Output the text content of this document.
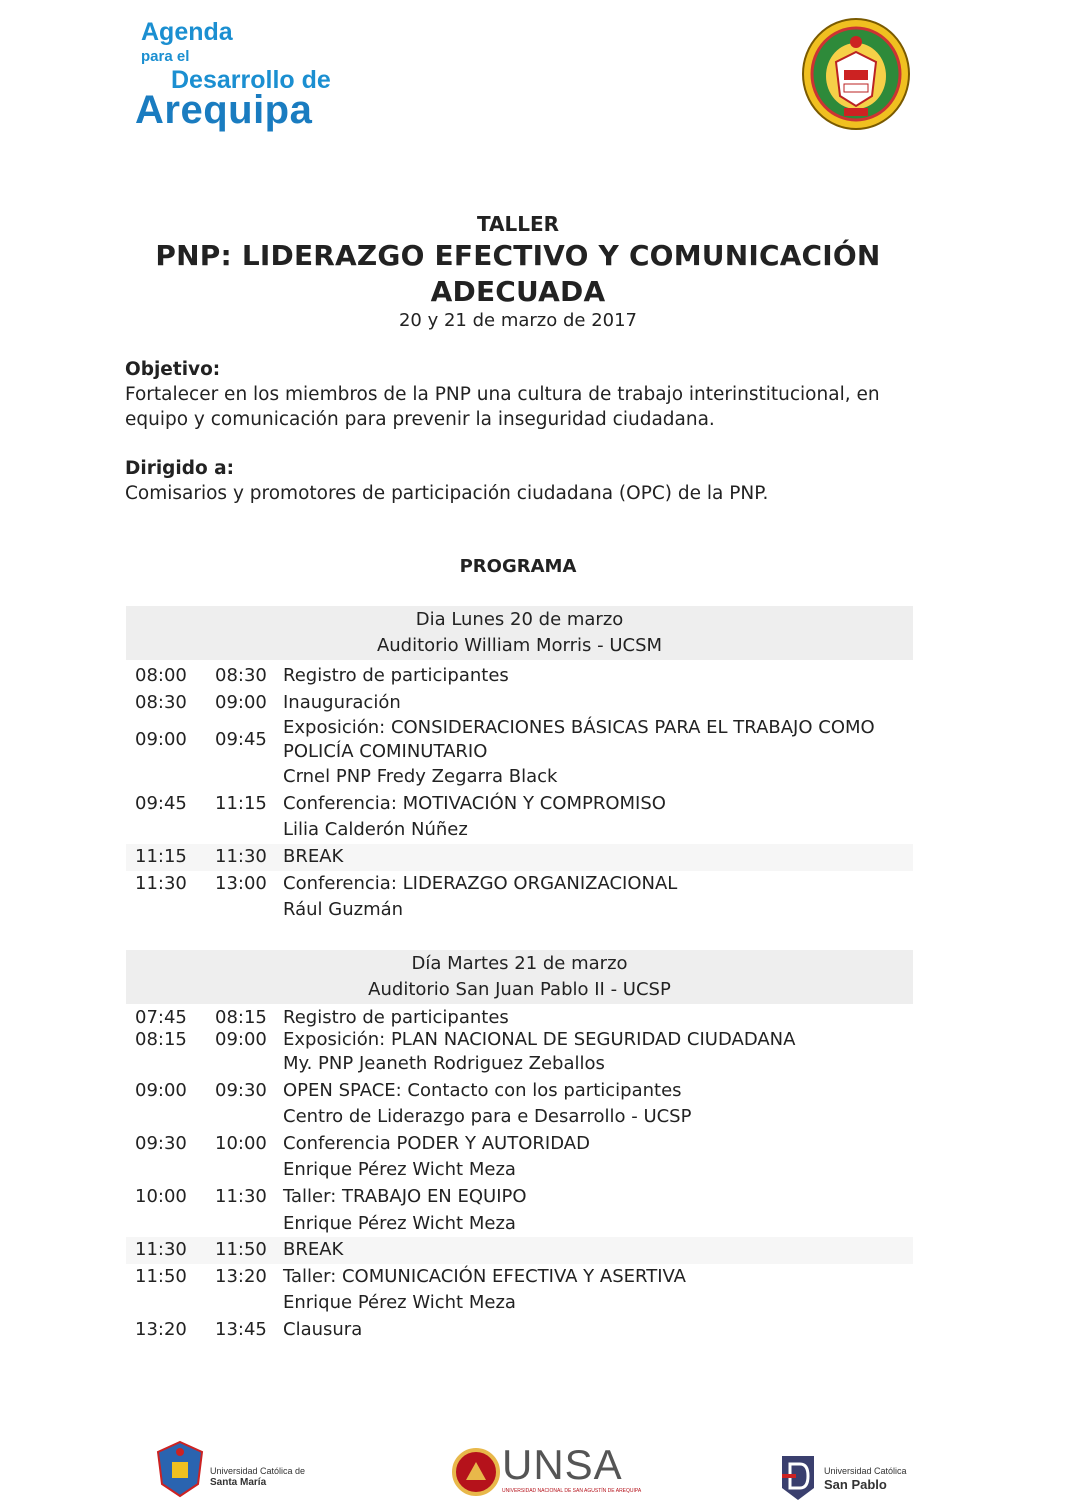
Agenda
para el
Desarrollo de
Arequipa
TALLER
PNP: LIDERAZGO EFECTIVO Y COMUNICACIÓN ADECUADA
20 y 21 de marzo de 2017
Objetivo:
Fortalecer en los miembros de la PNP una cultura de trabajo interinstitucional, en equipo y comunicación para prevenir la inseguridad ciudadana.
Dirigido a:
Comisarios y promotores de participación ciudadana (OPC) de la PNP.
PROGRAMA
Dia Lunes 20 de marzo
Auditorio William Morris - UCSM
08:00 08:30 Registro de participantes
08:30 09:00 Inauguración
09:00 09:45
Exposición: CONSIDERACIONES BÁSICAS PARA EL TRABAJO COMO
POLICÍA COMINUTARIO
Crnel PNP Fredy Zegarra Black
09:45 11:15 Conferencia: MOTIVACIÓN Y COMPROMISO
Lilia Calderón Núñez
11:15 11:30 BREAK
11:30 13:00 Conferencia: LIDERAZGO ORGANIZACIONAL
Rául Guzmán
Día Martes 21 de marzo
Auditorio San Juan Pablo II - UCSP
07:45 08:15 Registro de participantes
08:15 09:00 Exposición: PLAN NACIONAL DE SEGURIDAD CIUDADANA
My. PNP Jeaneth Rodriguez Zeballos
09:00 09:30 OPEN SPACE: Contacto con los participantes
Centro de Liderazgo para e Desarrollo - UCSP
09:30 10:00 Conferencia PODER Y AUTORIDAD
Enrique Pérez Wicht Meza
10:00 11:30 Taller: TRABAJO EN EQUIPO
Enrique Pérez Wicht Meza
11:30 11:50 BREAK
11:50 13:20 Taller: COMUNICACIÓN EFECTIVA Y ASERTIVA
Enrique Pérez Wicht Meza
13:20 13:45 Clausura
Universidad Católica de
Santa María	UNSA
UNIVERSIDAD NACIONAL DE SAN AGUSTÍN DE AREQUIPA
Universidad Católica
San Pablo
